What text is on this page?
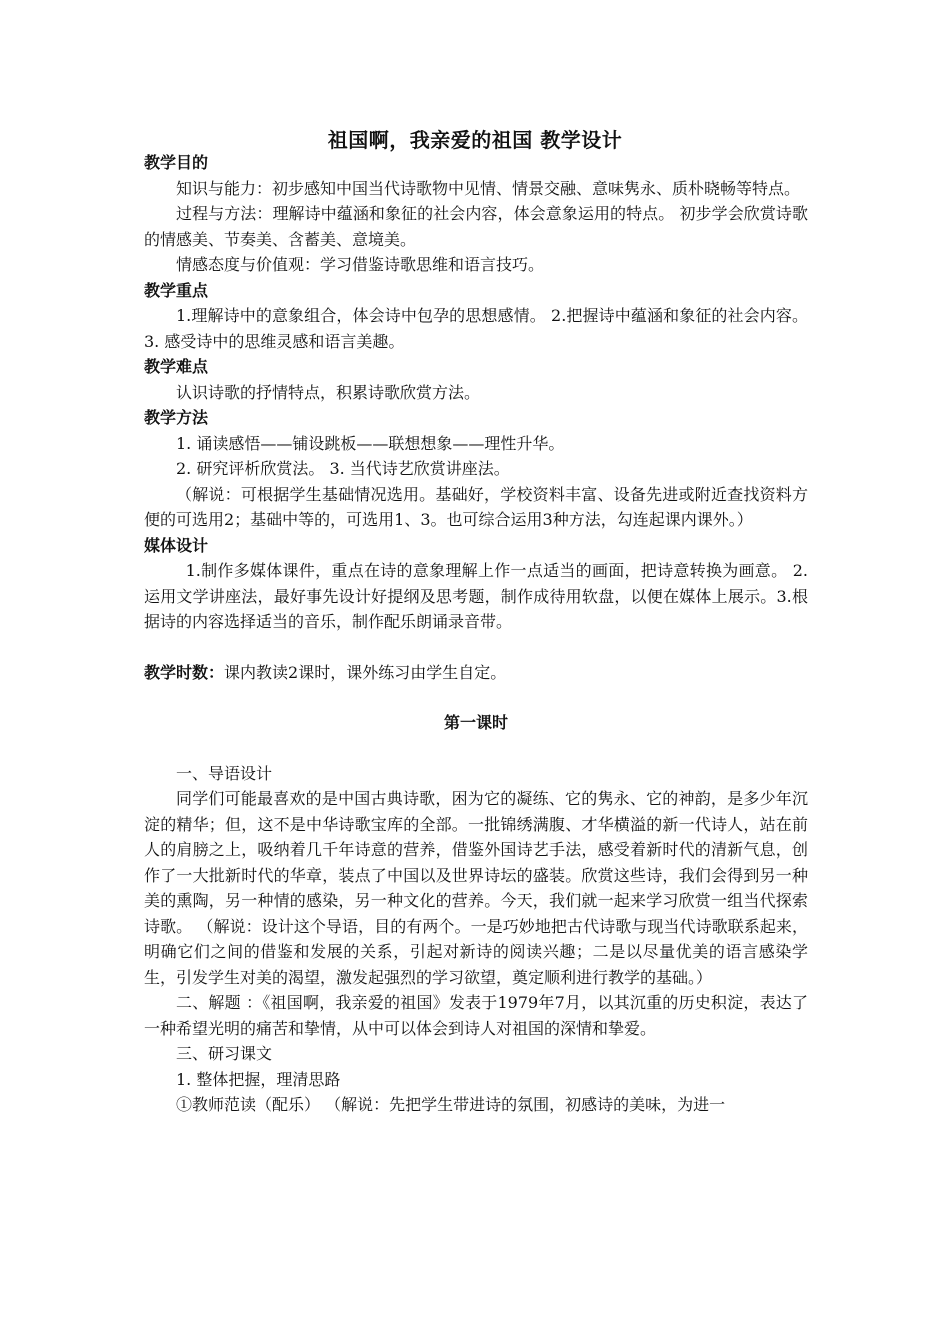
祖国啊，我亲爱的祖国 教学设计
教学目的
知识与能力：初步感知中国当代诗歌物中见情、情景交融、意味隽永、质朴晓畅等特点。
过程与方法：理解诗中蕴涵和象征的社会内容，体会意象运用的特点。 初步学会欣赏诗歌的情感美、节奏美、含蓄美、意境美。
情感态度与价值观：学习借鉴诗歌思维和语言技巧。
教学重点
1.理解诗中的意象组合，体会诗中包孕的思想感情。 2.把握诗中蕴涵和象征的社会内容。 3. 感受诗中的思维灵感和语言美趣。
教学难点
认识诗歌的抒情特点，积累诗歌欣赏方法。
教学方法
1. 诵读感悟——铺设跳板——联想想象——理性升华。
2. 研究评析欣赏法。 3. 当代诗艺欣赏讲座法。
（解说：可根据学生基础情况选用。基础好，学校资料丰富、设备先进或附近查找资料方便的可选用2；基础中等的，可选用1、3。也可综合运用3种方法，勾连起课内课外。）
媒体设计
1.制作多媒体课件，重点在诗的意象理解上作一点适当的画面，把诗意转换为画意。 2.运用文学讲座法，最好事先设计好提纲及思考题，制作成待用软盘，以便在媒体上展示。3.根据诗的内容选择适当的音乐，制作配乐朗诵录音带。
教学时数：课内教读2课时，课外练习由学生自定。
第一课时
一、导语设计
同学们可能最喜欢的是中国古典诗歌，困为它的凝练、它的隽永、它的神韵，是多少年沉淀的精华；但，这不是中华诗歌宝库的全部。一批锦绣满腹、才华横溢的新一代诗人，站在前人的肩膀之上，吸纳着几千年诗意的营养，借鉴外国诗艺手法，感受着新时代的清新气息，创作了一大批新时代的华章，装点了中国以及世界诗坛的盛装。欣赏这些诗，我们会得到另一种美的熏陶，另一种情的感染，另一种文化的营养。今天，我们就一起来学习欣赏一组当代探索诗歌。 （解说：设计这个导语，目的有两个。一是巧妙地把古代诗歌与现当代诗歌联系起来，明确它们之间的借鉴和发展的关系，引起对新诗的阅读兴趣；二是以尽量优美的语言感染学生，引发学生对美的渴望，激发起强烈的学习欲望，奠定顺利进行教学的基础。）
二、解题 ：《祖国啊，我亲爱的祖国》发表于1979年7月，以其沉重的历史积淀，表达了一种希望光明的痛苦和挚情，从中可以体会到诗人对祖国的深情和挚爱。
三、研习课文
1. 整体把握，理清思路
①教师范读（配乐） （解说：先把学生带进诗的氛围，初感诗的美味，为进一
